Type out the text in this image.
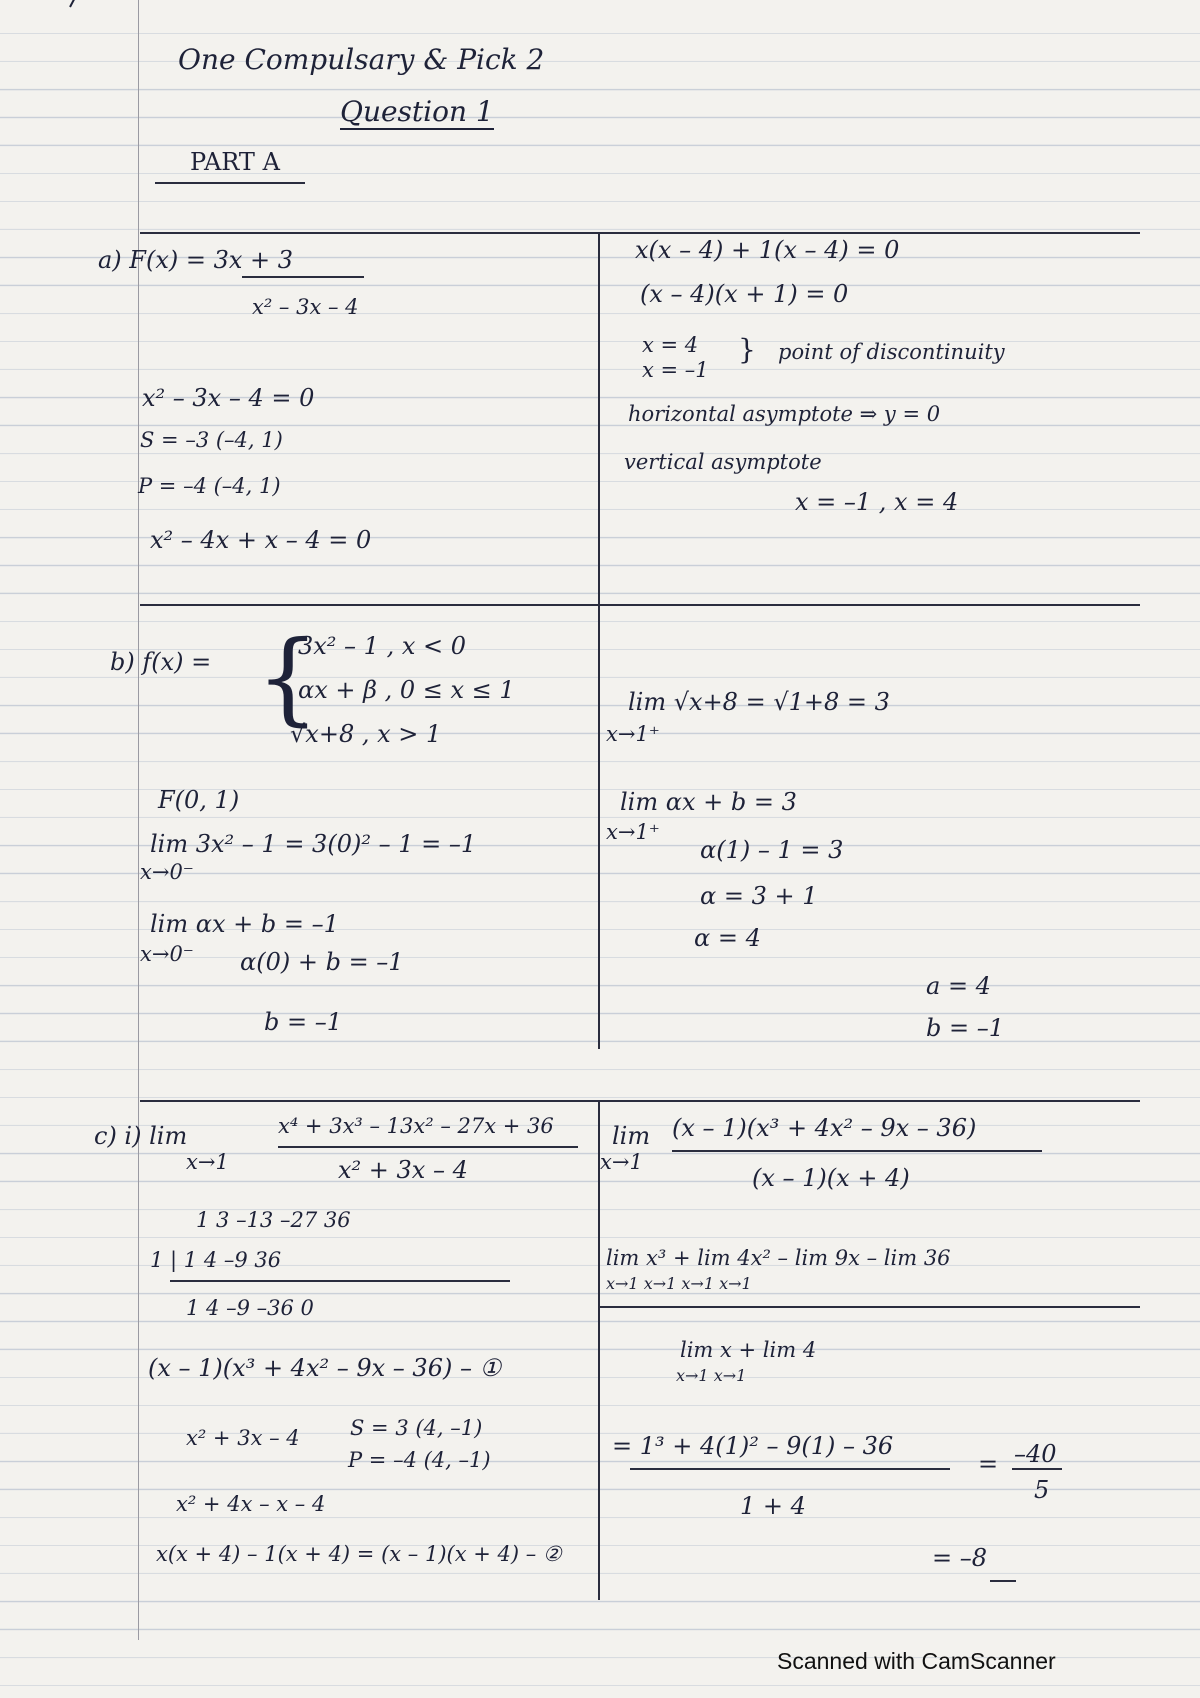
One Compulsary & Pick 2
Question 1
PART A
a) F(x) = 3x + 3
x² – 3x – 4
x² – 3x – 4 = 0
S = –3 (–4, 1)
P = –4 (–4, 1)
x² – 4x + x – 4 = 0
x(x – 4) + 1(x – 4) = 0
(x – 4)(x + 1) = 0
x = 4
x = –1
} point of discontinuity
horizontal asymptote ⇒ y = 0
vertical asymptote
x = –1 , x = 4
b) f(x) = {
3x² – 1 , x < 0
αx + β , 0 ≤ x ≤ 1
√x+8 , x > 1
F(0, 1)
lim 3x² – 1 = 3(0)² – 1 = –1
x→0⁻
lim αx + b = –1
x→0⁻ α(0) + b = –1
b = –1
lim √x+8 = √1+8 = 3
x→1⁺
lim αx + b = 3
x→1⁺
α(1) – 1 = 3
α = 3 + 1
α = 4
a = 4
b = –1
c) i) lim
x→1
x⁴ + 3x³ – 13x² – 27x + 36
x² + 3x – 4
1 3 –13 –27 36
1 | 1 4 –9 36
1 4 –9 –36 0
(x – 1)(x³ + 4x² – 9x – 36) – ①
x² + 3x – 4 S = 3 (4, –1)
P = –4 (4, –1)
x² + 4x – x – 4
x(x + 4) – 1(x + 4) = (x – 1)(x + 4) – ②
lim
x→1
(x – 1)(x³ + 4x² – 9x – 36)
(x – 1)(x + 4)
lim x³ + lim 4x² – lim 9x – lim 36
x→1 x→1 x→1 x→1
lim x + lim 4
x→1 x→1
= 1³ + 4(1)² – 9(1) – 36
1 + 4
= –40
5
= –8
Scanned with CamScanner
